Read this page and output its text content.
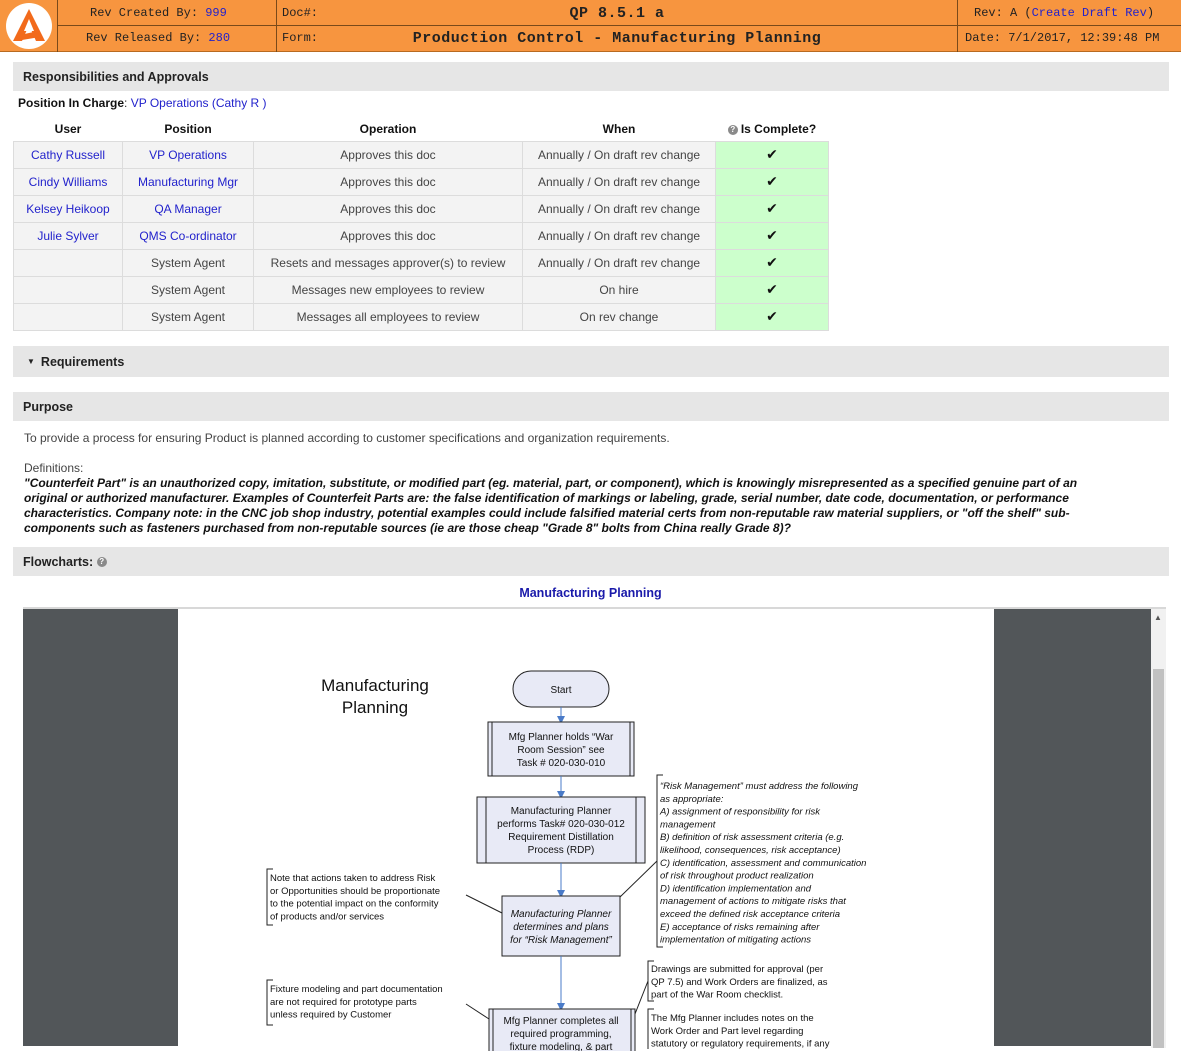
Rev Created By:
999
Rev Released By:
280
Doc#:
Form:
QP 8.5.1 a
Production Control - Manufacturing Planning
Rev: A ( Create Draft Rev )
Date: 7/1/2017, 12:39:48 PM
Responsibilities and Approvals
Position In Charge: VP Operations (Cathy R )
User	Position	Operation	When	? Is Complete?
Cathy Russell	VP Operations	Approves this doc	Annually / On draft rev change	✔
Cindy Williams	Manufacturing Mgr	Approves this doc	Annually / On draft rev change	✔
Kelsey Heikoop	QA Manager	Approves this doc	Annually / On draft rev change	✔
Julie Sylver	QMS Co-ordinator	Approves this doc	Annually / On draft rev change	✔
	System Agent	Resets and messages approver(s) to review	Annually / On draft rev change	✔
	System Agent	Messages new employees to review	On hire	✔
	System Agent	Messages all employees to review	On rev change	✔
▼ Requirements
Purpose
To provide a process for ensuring Product is planned according to customer specifications and organization requirements.
Definitions:
"Counterfeit Part" is an unauthorized copy, imitation, substitute, or modified part (eg. material, part, or component), which is knowingly misrepresented as a specified genuine part of an original or authorized manufacturer. Examples of Counterfeit Parts are: the false identification of markings or labeling, grade, serial number, date code, documentation, or performance characteristics. Company note: in the CNC job shop industry, potential examples could include falsified material certs from non-reputable raw material suppliers, or "off the shelf" sub-components such as fasteners purchased from non-reputable sources (ie are those cheap "Grade 8" bolts from China really Grade 8)?
Flowcharts:
?
Manufacturing Planning
Manufacturing
Planning
Start
Mfg Planner holds “War Room Session” see Task # 020-030-010
Manufacturing Planner performs Task# 020-030-012 Requirement Distillation Process (RDP)
Manufacturing Planner determines and plans for “Risk Management”
Mfg Planner completes all required programming, fixture modeling, & part
Note that actions taken to address Risk or Opportunities should be proportionate to the potential impact on the conformity of products and/or services
Fixture modeling and part documentation are not required for prototype parts unless required by Customer
“Risk Management” must address the following as appropriate: A) assignment of responsibility for risk management B) definition of risk assessment criteria (e.g. likelihood, consequences, risk acceptance) C) identification, assessment and communication of risk throughout product realization D) identification implementation and management of actions to mitigate risks that exceed the defined risk acceptance criteria E) acceptance of risks remaining after implementation of mitigating actions
Drawings are submitted for approval (per QP 7.5) and Work Orders are finalized, as part of the War Room checklist.
The Mfg Planner includes notes on the Work Order and Part level regarding statutory or regulatory requirements, if any
▲
